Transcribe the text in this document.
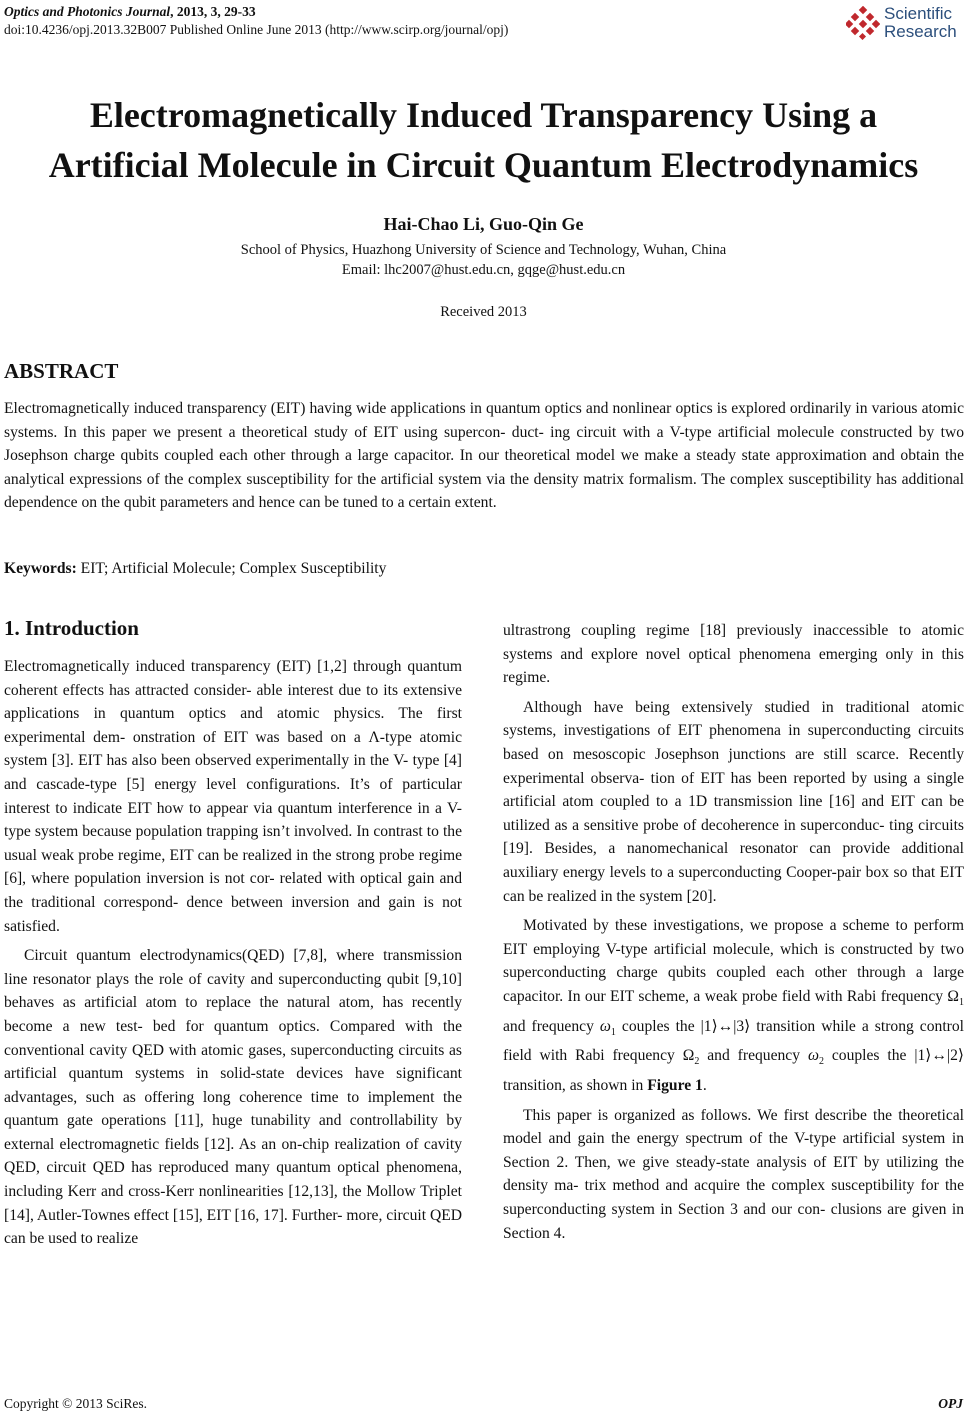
Optics and Photonics Journal, 2013, 3, 29-33
doi:10.4236/opj.2013.32B007 Published Online June 2013 (http://www.scirp.org/journal/opj)
Scientific
Research
Electromagnetically Induced Transparency Using a
Artificial Molecule in Circuit Quantum Electrodynamics
Hai-Chao Li, Guo-Qin Ge
School of Physics, Huazhong University of Science and Technology, Wuhan, China
Email: lhc2007@hust.edu.cn, gqge@hust.edu.cn
Received 2013
ABSTRACT
Electromagnetically induced transparency (EIT) having wide applications in quantum optics and nonlinear optics is explored ordinarily in various atomic systems. In this paper we present a theoretical study of EIT using supercon- duct- ing circuit with a V-type artificial molecule constructed by two Josephson charge qubits coupled each other through a large capacitor. In our theoretical model we make a steady state approximation and obtain the analytical expressions of the complex susceptibility for the artificial system via the density matrix formalism. The complex susceptibility has additional dependence on the qubit parameters and hence can be tuned to a certain extent.
Keywords: EIT; Artificial Molecule; Complex Susceptibility
1. Introduction

Electromagnetically induced transparency (EIT) [1,2] through quantum coherent effects has attracted consider- able interest due to its extensive applications in quantum optics and atomic physics. The first experimental dem- onstration of EIT was based on a Λ-type atomic system [3]. EIT has also been observed experimentally in the V- type [4] and cascade-type [5] energy level configurations. It’s of particular interest to indicate EIT how to appear via quantum interference in a V-type system because population trapping isn’t involved. In contrast to the usual weak probe regime, EIT can be realized in the strong probe regime [6], where population inversion is not cor- related with optical gain and the traditional correspond- dence between inversion and gain is not satisfied.

Circuit quantum electrodynamics(QED) [7,8], where transmission line resonator plays the role of cavity and superconducting qubit [9,10] behaves as artificial atom to replace the natural atom, has recently become a new test- bed for quantum optics. Compared with the conventional cavity QED with atomic gases, superconducting circuits as artificial quantum systems in solid-state devices have significant advantages, such as offering long coherence time to implement the quantum gate operations [11], huge tunability and controllability by external electromagnetic fields [12]. As an on-chip realization of cavity QED, circuit QED has reproduced many quantum optical phenomena, including Kerr and cross-Kerr nonlinearities [12,13], the Mollow Triplet [14], Autler-Townes effect [15], EIT [16, 17]. Further- more, circuit QED can be used to realize

ultrastrong coupling regime [18] previously inaccessible to atomic systems and explore novel optical phenomena emerging only in this regime.

Although have being extensively studied in traditional atomic systems, investigations of EIT phenomena in superconducting circuits based on mesoscopic Josephson junctions are still scarce. Recently experimental observa- tion of EIT has been reported by using a single artificial atom coupled to a 1D transmission line [16] and EIT can be utilized as a sensitive probe of decoherence in superconduc- ting circuits [19]. Besides, a nanomechanical resonator can provide additional auxiliary energy levels to a superconducting Cooper-pair box so that EIT can be realized in the system [20].

Motivated by these investigations, we propose a scheme to perform EIT employing V-type artificial molecule, which is constructed by two superconducting charge qubits coupled each other through a large capacitor. In our EIT scheme, a weak probe field with Rabi frequency $\Omega_1$ and frequency $\omega_1$ couples the |1⟩↔|3⟩ transition while a strong control field with Rabi frequency $\Omega_2$ and frequency $\omega_2$ couples the |1⟩↔|2⟩ transition, as shown in Figure 1.

This paper is organized as follows. We first describe the theoretical model and gain the energy spectrum of the V-type artificial system in Section 2. Then, we give steady-state analysis of EIT by utilizing the density ma- trix method and acquire the complex susceptibility for the superconducting system in Section 3 and our con- clusions are given in Section 4.

Copyright © 2013 SciRes.	OPJ
